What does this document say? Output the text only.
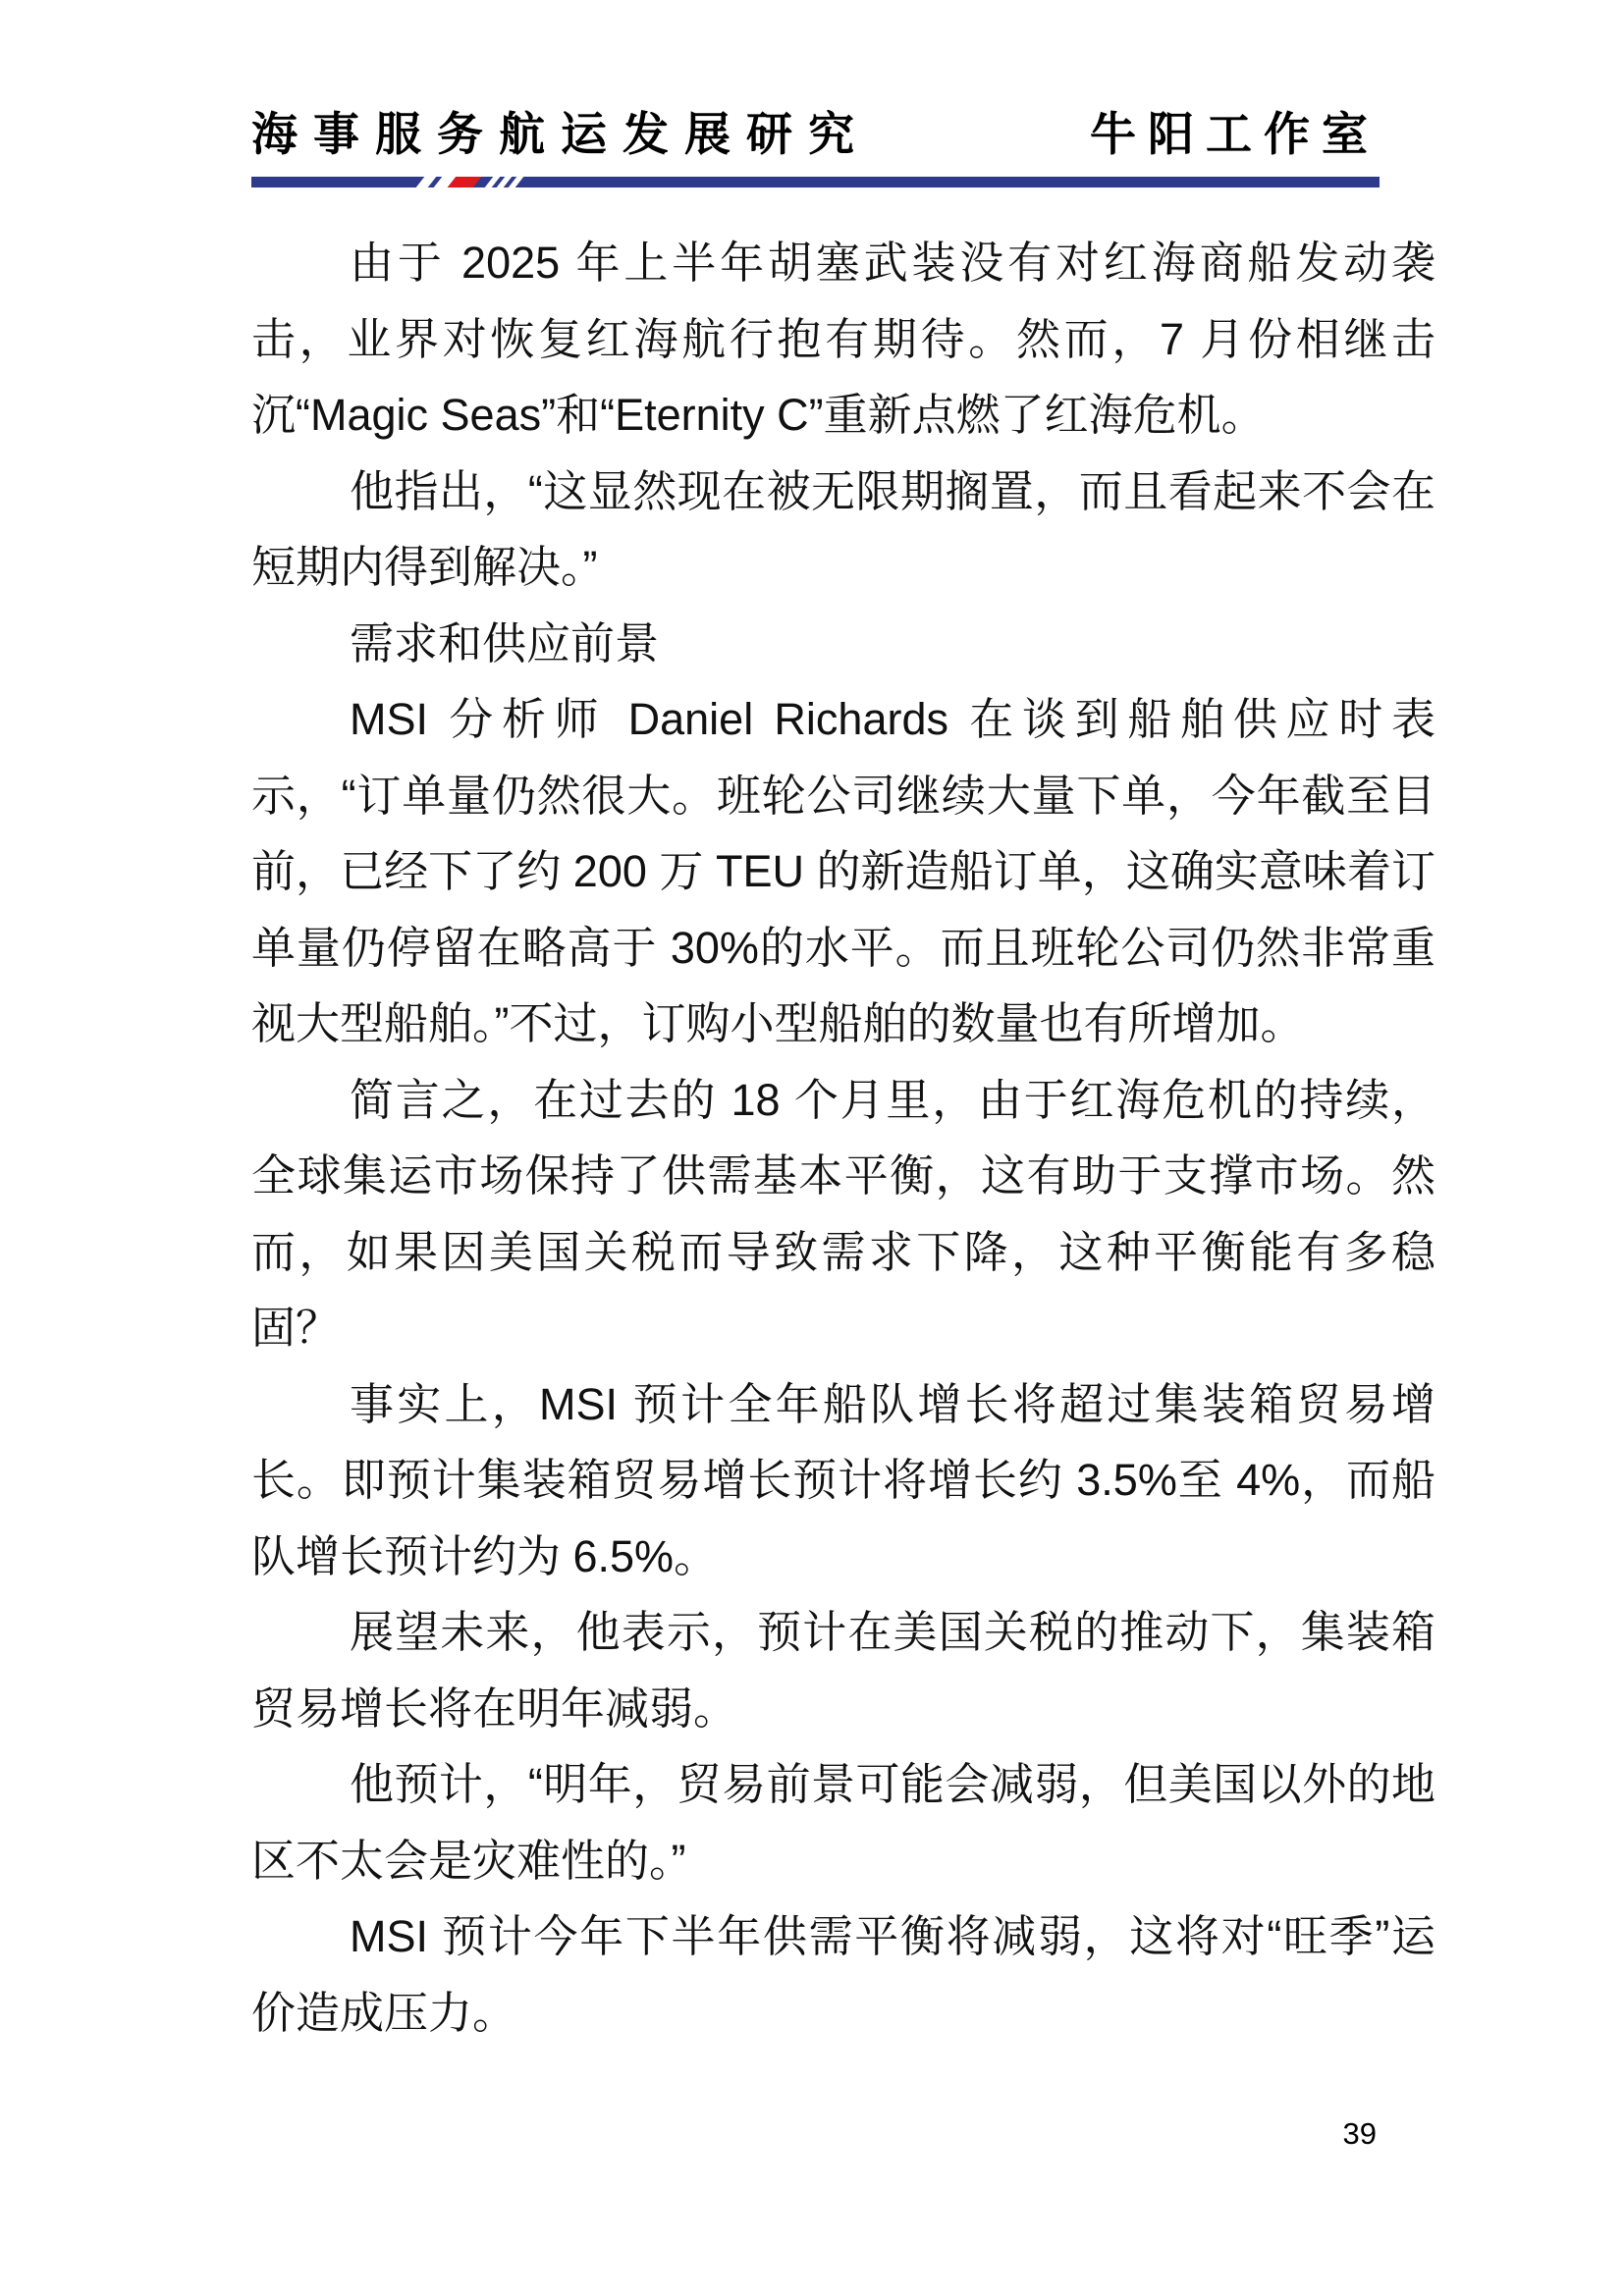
海事服务航运发展研究	牛阳工作室

由于 2025 年上半年胡塞武装没有对红海商船发动袭击，业界对恢复红海航行抱有期待。然而，7 月份相继击沉“Magic Seas”和“Eternity C”重新点燃了红海危机。

他指出，“这显然现在被无限期搁置，而且看起来不会在短期内得到解决。”

需求和供应前景

MSI 分析师 Daniel Richards 在谈到船舶供应时表示，“订单量仍然很大。班轮公司继续大量下单，今年截至目前，已经下了约 200 万 TEU 的新造船订单，这确实意味着订单量仍停留在略高于 30%的水平。而且班轮公司仍然非常重视大型船舶。”不过，订购小型船舶的数量也有所增加。

简言之，在过去的 18 个月里，由于红海危机的持续，全球集运市场保持了供需基本平衡，这有助于支撑市场。然而，如果因美国关税而导致需求下降，这种平衡能有多稳固？

事实上，MSI 预计全年船队增长将超过集装箱贸易增长。即预计集装箱贸易增长预计将增长约 3.5%至 4%，而船队增长预计约为 6.5%。

展望未来，他表示，预计在美国关税的推动下，集装箱贸易增长将在明年减弱。

他预计，“明年，贸易前景可能会减弱，但美国以外的地区不太会是灾难性的。”

MSI 预计今年下半年供需平衡将减弱，这将对“旺季”运价造成压力。

39
